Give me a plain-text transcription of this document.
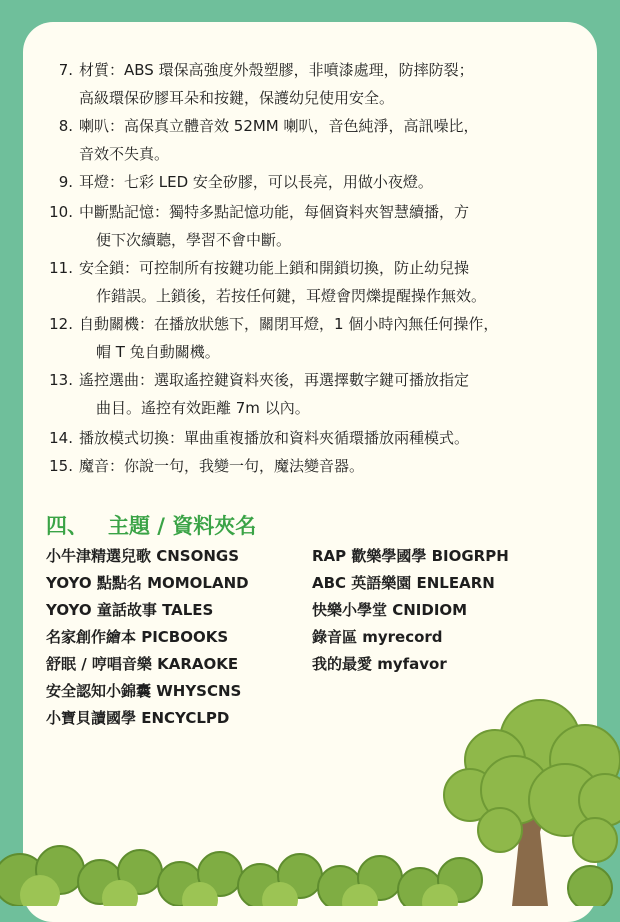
7. 材質：ABS 環保高強度外殼塑膠，非噴漆處理，防摔防裂；
高級環保矽膠耳朵和按鍵，保護幼兒使用安全。
8. 喇叭：高保真立體音效 52MM 喇叭，音色純淨，高訊噪比，
音效不失真。
9. 耳燈：七彩 LED 安全矽膠，可以長亮，用做小夜燈。
10. 中斷點記憶：獨特多點記憶功能，每個資料夾智慧續播，方
便下次續聽，學習不會中斷。
11. 安全鎖：可控制所有按鍵功能上鎖和開鎖切換，防止幼兒操
作錯誤。上鎖後，若按任何鍵，耳燈會閃爍提醒操作無效。
12. 自動關機：在播放狀態下，關閉耳燈，1 個小時內無任何操作，
帽 T 兔自動關機。
13. 遙控選曲：選取遙控鍵資料夾後，再選擇數字鍵可播放指定
曲目。遙控有效距離 7m 以內。
14. 播放模式切換：單曲重複播放和資料夾循環播放兩種模式。
15. 魔音：你說一句，我變一句，魔法變音器。
四、 主題 / 資料夾名
小牛津精選兒歌 CNSONGS
YOYO 點點名 MOMOLAND
YOYO 童話故事 TALES
名家創作繪本 PICBOOKS
舒眠 / 哼唱音樂 KARAOKE
安全認知小錦囊 WHYSCNS
小寶貝讀國學 ENCYCLPD
RAP 歡樂學國學 BIOGRPH
ABC 英語樂園 ENLEARN
快樂小學堂 CNIDIOM
錄音區 myrecord
我的最愛 myfavor
